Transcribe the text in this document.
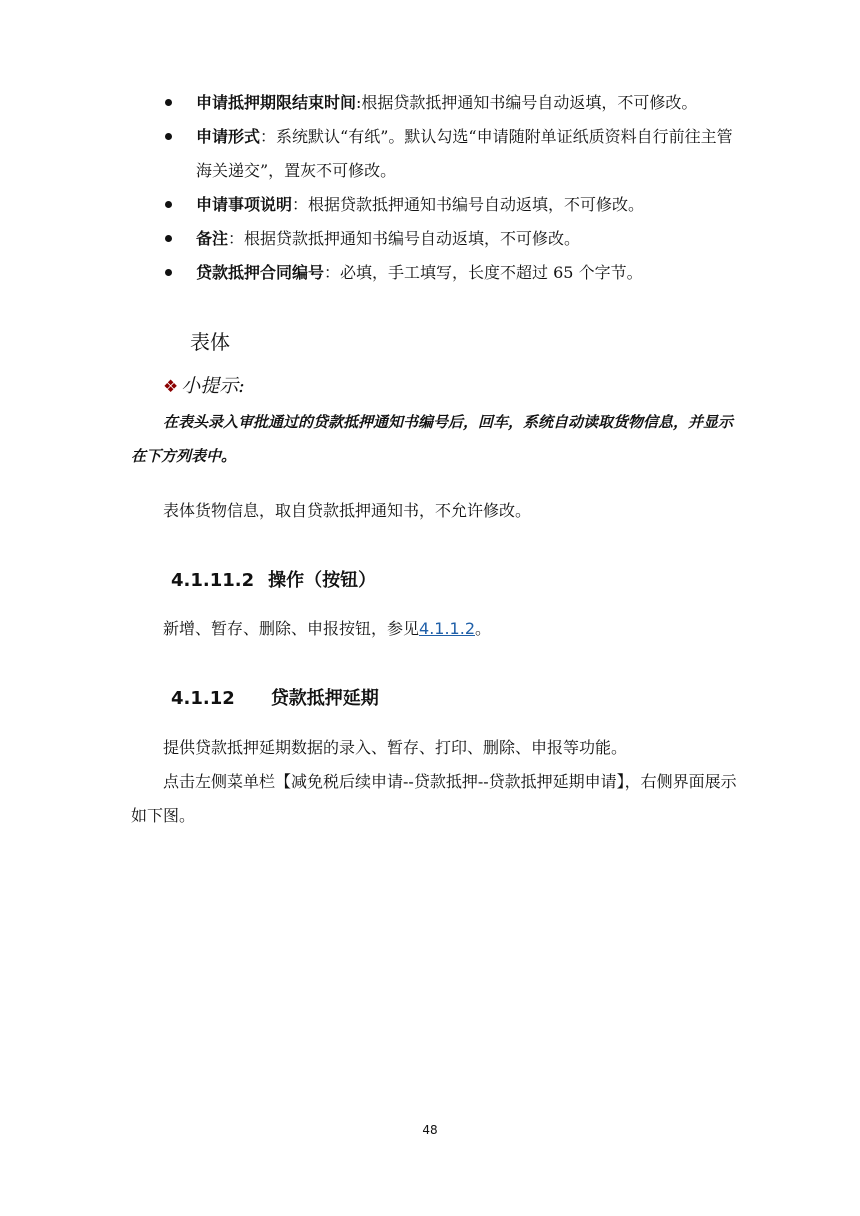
申请抵押期限结束时间:根据贷款抵押通知书编号自动返填，不可修改。
申请形式：系统默认“有纸”。默认勾选“申请随附单证纸质资料自行前往主管海关递交”，置灰不可修改。
申请事项说明：根据贷款抵押通知书编号自动返填，不可修改。
备注：根据贷款抵押通知书编号自动返填，不可修改。
贷款抵押合同编号：必填，手工填写，长度不超过 65 个字节。
表体
❖ 小提示:
在表头录入审批通过的贷款抵押通知书编号后，回车，系统自动读取货物信息，并显示在下方列表中。
表体货物信息，取自贷款抵押通知书，不允许修改。
4.1.11.2 操作（按钮）
新增、暂存、删除、申报按钮，参见4.1.1.2。
4.1.12 贷款抵押延期
提供贷款抵押延期数据的录入、暂存、打印、删除、申报等功能。
点击左侧菜单栏【减免税后续申请--贷款抵押--贷款抵押延期申请】，右侧界面展示如下图。
48
